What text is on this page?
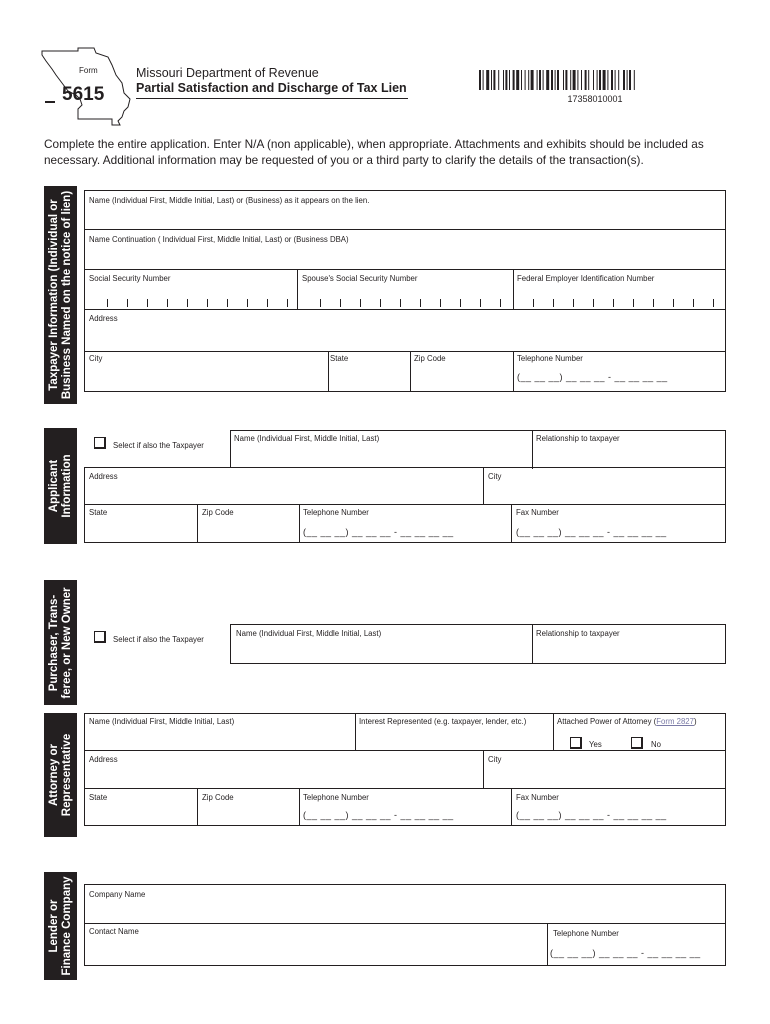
Form
5615
Missouri Department of Revenue
Partial Satisfaction and Discharge of Tax Lien
17358010001
Complete the entire application. Enter N/A (non applicable), when appropriate. Attachments and exhibits should be included as necessary. Additional information may be requested of you or a third party to clarify the details of the transaction(s).
Taxpayer Information (Individual or Business Named on the notice of lien) Name (Individual First, Middle Initial, Last) or (Business) as it appears on the lien.
Name Continuation ( Individual First, Middle Initial, Last) or (Business DBA)
Social Security Number	Spouse's Social Security Number	Federal Employer Identification Number
Address
City	State	Zip Code	Telephone Number
(__ __ __) __ __ __ - __ __ __ __
Applicant Information
Select if also the Taxpayer
Name (Individual First, Middle Initial, Last)	Relationship to taxpayer
Address	City
State	Zip Code	Telephone Number
(__ __ __) __ __ __ - __ __ __ __
Fax Number
(__ __ __) __ __ __ - __ __ __ __
Purchaser, Trans- feree, or New Owner	Select if also the Taxpayer
Name (Individual First, Middle Initial, Last)	Relationship to taxpayer
Attorney or Representative
Name (Individual First, Middle Initial, Last)	Interest Represented (e.g. taxpayer, lender, etc.)	Attached Power of Attorney (Form 2827)
Yes	No
Address	City
State	Zip Code	Telephone Number
(__ __ __) __ __ __ - __ __ __ __
Fax Number
(__ __ __) __ __ __ - __ __ __ __
Lender or Finance Company Company Name
Contact Name	Telephone Number
(__ __ __) __ __ __ - __ __ __ __
